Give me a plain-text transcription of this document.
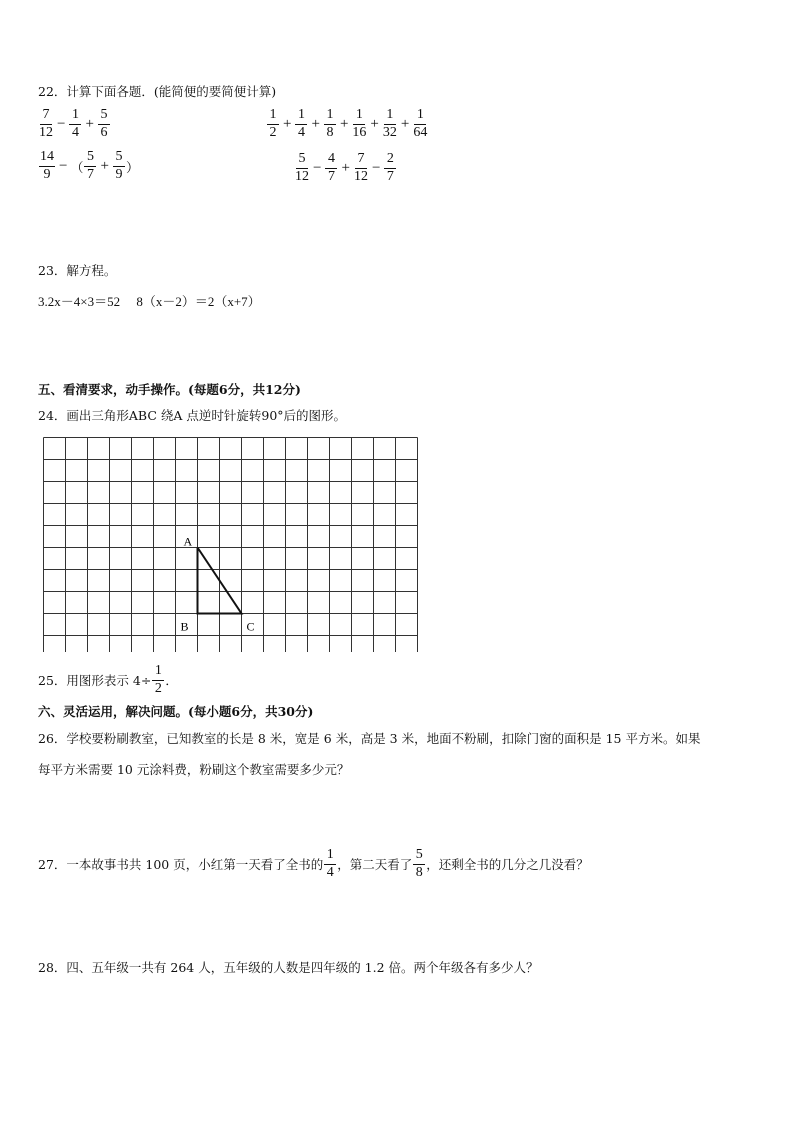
22．计算下面各题．(能简便的要简便计算)
$\frac{7}{12} - \frac{1}{4} + \frac{5}{6}$	$\frac{1}{2} + \frac{1}{4} + \frac{1}{8} + \frac{1}{16} + \frac{1}{32} + \frac{1}{64}$
$\frac{14}{9}$ − （ $\frac{5}{7} + \frac{5}{9}$ ）	$\frac{5}{12} - \frac{4}{7} + \frac{7}{12} - \frac{2}{7}$
23．解方程。
3.2x－4×3＝52　 8（x－2）＝2（x+7）
五、看清要求，动手操作。(每题6分，共12分)
24．画出三角形ABC 绕A 点逆时针旋转90°后的图形。
A
B	C
25．用图形表示 $4\div \frac{1}{2}$ ．
六、灵活运用，解决问题。(每小题6分，共30分)
26．学校要粉刷教室，已知教室的长是 8 米，宽是 6 米，高是 3 米，地面不粉刷，扣除门窗的面积是 15 平方米。如果
每平方米需要 10 元涂料费，粉刷这个教室需要多少元？
27．一本故事书共 100 页，小红第一天看了全书的 $\frac{1}{4}$ ，第二天看了 $\frac{5}{8}$ ，还剩全书的几分之几没看？
28．四、五年级一共有 264 人，五年级的人数是四年级的 1.2 倍。两个年级各有多少人？
